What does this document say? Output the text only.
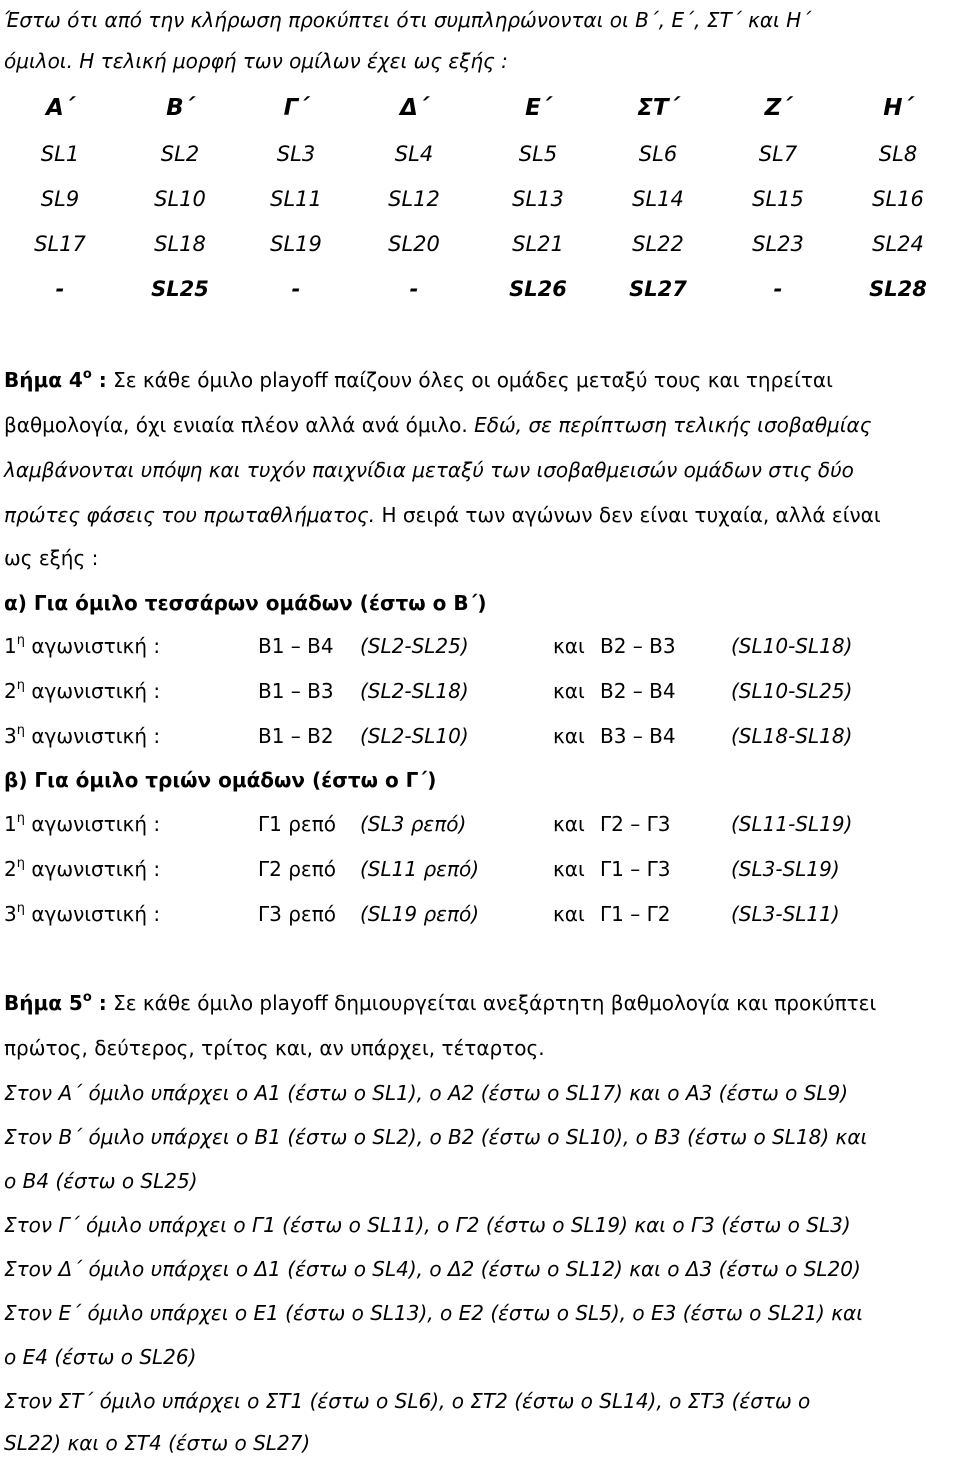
Έστω ότι από την κλήρωση προκύπτει ότι συμπληρώνονται οι Β΄, Ε΄, ΣΤ΄ και Η΄
όμιλοι. Η τελική μορφή των ομίλων έχει ως εξής :
Α΄	Β΄	Γ΄	Δ΄	Ε΄	ΣΤ΄	Ζ΄	Η΄
SL1	SL2	SL3	SL4	SL5	SL6	SL7	SL8
SL9	SL10	SL11	SL12	SL13	SL14	SL15	SL16
SL17	SL18	SL19	SL20	SL21	SL22	SL23	SL24
-	SL25	-	-	SL26	SL27	-	SL28
Βήμα $4^o$ : Σε κάθε όμιλο playoff παίζουν όλες οι ομάδες μεταξύ τους και τηρείται
βαθμολογία, όχι ενιαία πλέον αλλά ανά όμιλο. Εδώ, σε περίπτωση τελικής ισοβαθμίας
λαμβάνονται υπόψη και τυχόν παιχνίδια μεταξύ των ισοβαθμεισών ομάδων στις δύο
πρώτες φάσεις του πρωταθλήματος. Η σειρά των αγώνων δεν είναι τυχαία, αλλά είναι
ως εξής :
α) Για όμιλο τεσσάρων ομάδων (έστω ο Β΄)
$1^\eta$ αγωνιστική :	Β1 – Β4 (SL2-SL25)	και Β2 – Β3	(SL10-SL18)
$2^\eta$ αγωνιστική :	Β1 – Β3 (SL2-SL18)	και Β2 – Β4	(SL10-SL25)
$3^\eta$ αγωνιστική :	Β1 – Β2 (SL2-SL10)	και Β3 – Β4	(SL18-SL18)
β) Για όμιλο τριών ομάδων (έστω ο Γ΄)
$1^\eta$ αγωνιστική :	Γ1 ρεπό (SL3 ρεπό)	και Γ2 – Γ3	(SL11-SL19)
$2^\eta$ αγωνιστική :	Γ2 ρεπό (SL11 ρεπό)	και Γ1 – Γ3	(SL3-SL19)
$3^\eta$ αγωνιστική :	Γ3 ρεπό (SL19 ρεπό)	και Γ1 – Γ2	(SL3-SL11)
Βήμα $5^o$ : Σε κάθε όμιλο playoff δημιουργείται ανεξάρτητη βαθμολογία και προκύπτει
πρώτος, δεύτερος, τρίτος και, αν υπάρχει, τέταρτος.
Στον Α΄ όμιλο υπάρχει ο Α1 (έστω ο SL1), ο Α2 (έστω ο SL17) και ο Α3 (έστω ο SL9)
Στον Β΄ όμιλο υπάρχει ο Β1 (έστω ο SL2), ο Β2 (έστω ο SL10), ο Β3 (έστω ο SL18) και
ο Β4 (έστω ο SL25)
Στον Γ΄ όμιλο υπάρχει ο Γ1 (έστω ο SL11), ο Γ2 (έστω ο SL19) και ο Γ3 (έστω ο SL3)
Στον Δ΄ όμιλο υπάρχει ο Δ1 (έστω ο SL4), ο Δ2 (έστω ο SL12) και ο Δ3 (έστω ο SL20)
Στον Ε΄ όμιλο υπάρχει ο Ε1 (έστω ο SL13), ο Ε2 (έστω ο SL5), ο Ε3 (έστω ο SL21) και
ο Ε4 (έστω ο SL26)
Στον ΣΤ΄ όμιλο υπάρχει ο ΣΤ1 (έστω ο SL6), ο ΣΤ2 (έστω ο SL14), ο ΣΤ3 (έστω ο
SL22) και ο ΣΤ4 (έστω ο SL27)
